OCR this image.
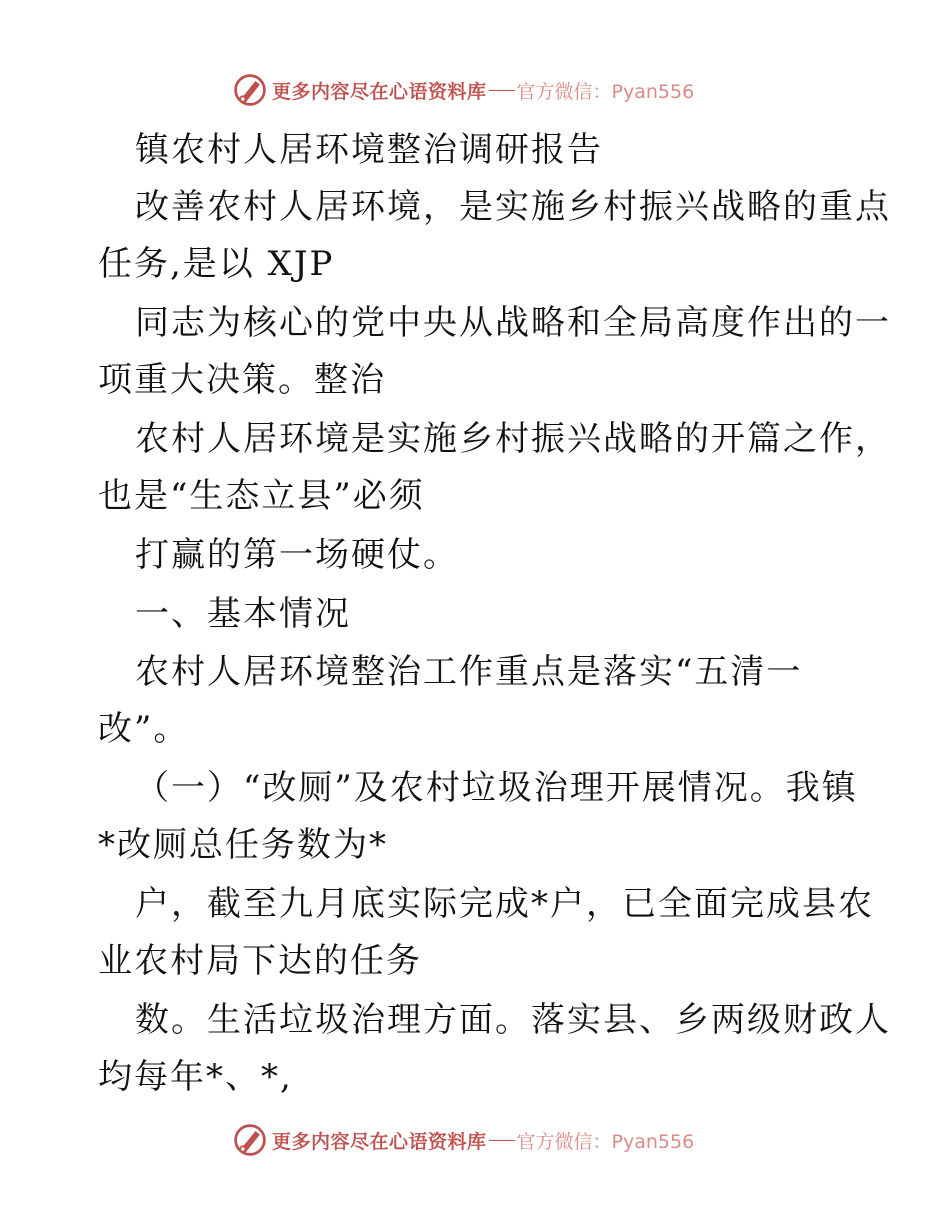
更多内容尽在心语资料库 官方微信：Pyan556
镇农村人居环境整治调研报告
改善农村人居环境，是实施乡村振兴战略的重点
任务,是以 XJP
同志为核心的党中央从战略和全局高度作出的一
项重大决策。整治
农村人居环境是实施乡村振兴战略的开篇之作，
也是“生态立县”必须
打赢的第一场硬仗。
一、基本情况
农村人居环境整治工作重点是落实“五清一
改”。
（一）“改厕”及农村垃圾治理开展情况。我镇
*改厕总任务数为*
户，截至九月底实际完成*户，已全面完成县农
业农村局下达的任务
数。生活垃圾治理方面。落实县、乡两级财政人
均每年*、*,
更多内容尽在心语资料库 官方微信：Pyan556
